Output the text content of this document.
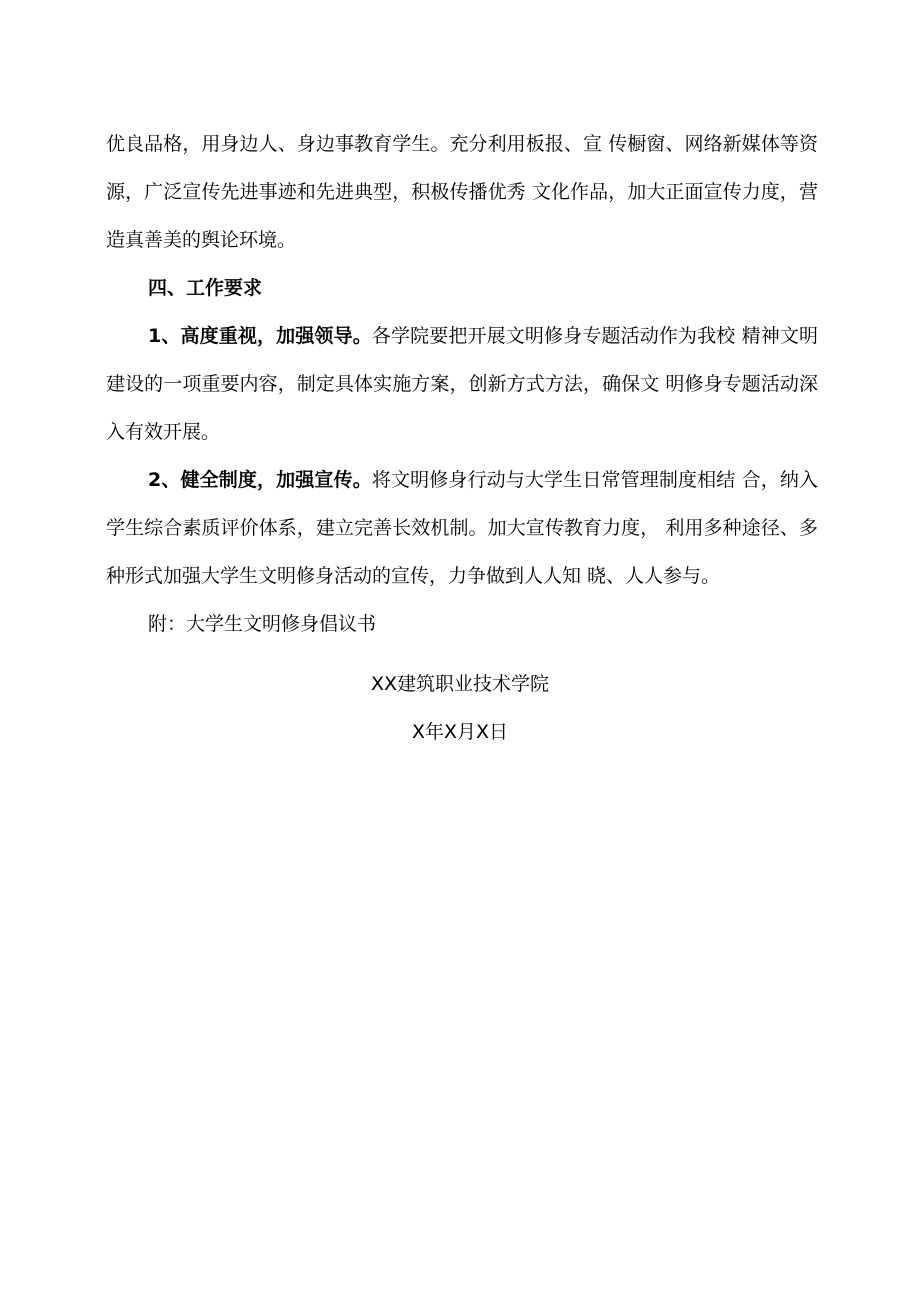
优良品格，用身边人、身边事教育学生。充分利用板报、宣 传橱窗、网络新媒体等资源，广泛宣传先进事迹和先进典型，积极传播优秀 文化作品，加大正面宣传力度，营造真善美的舆论环境。

四、工作要求

1、高度重视，加强领导。各学院要把开展文明修身专题活动作为我校 精神文明建设的一项重要内容，制定具体实施方案，创新方式方法，确保文 明修身专题活动深入有效开展。

2、健全制度，加强宣传。将文明修身行动与大学生日常管理制度相结 合，纳入学生综合素质评价体系，建立完善长效机制。加大宣传教育力度， 利用多种途径、多种形式加强大学生文明修身活动的宣传，力争做到人人知 晓、人人参与。

附：大学生文明修身倡议书

XX建筑职业技术学院
X年X月X日
